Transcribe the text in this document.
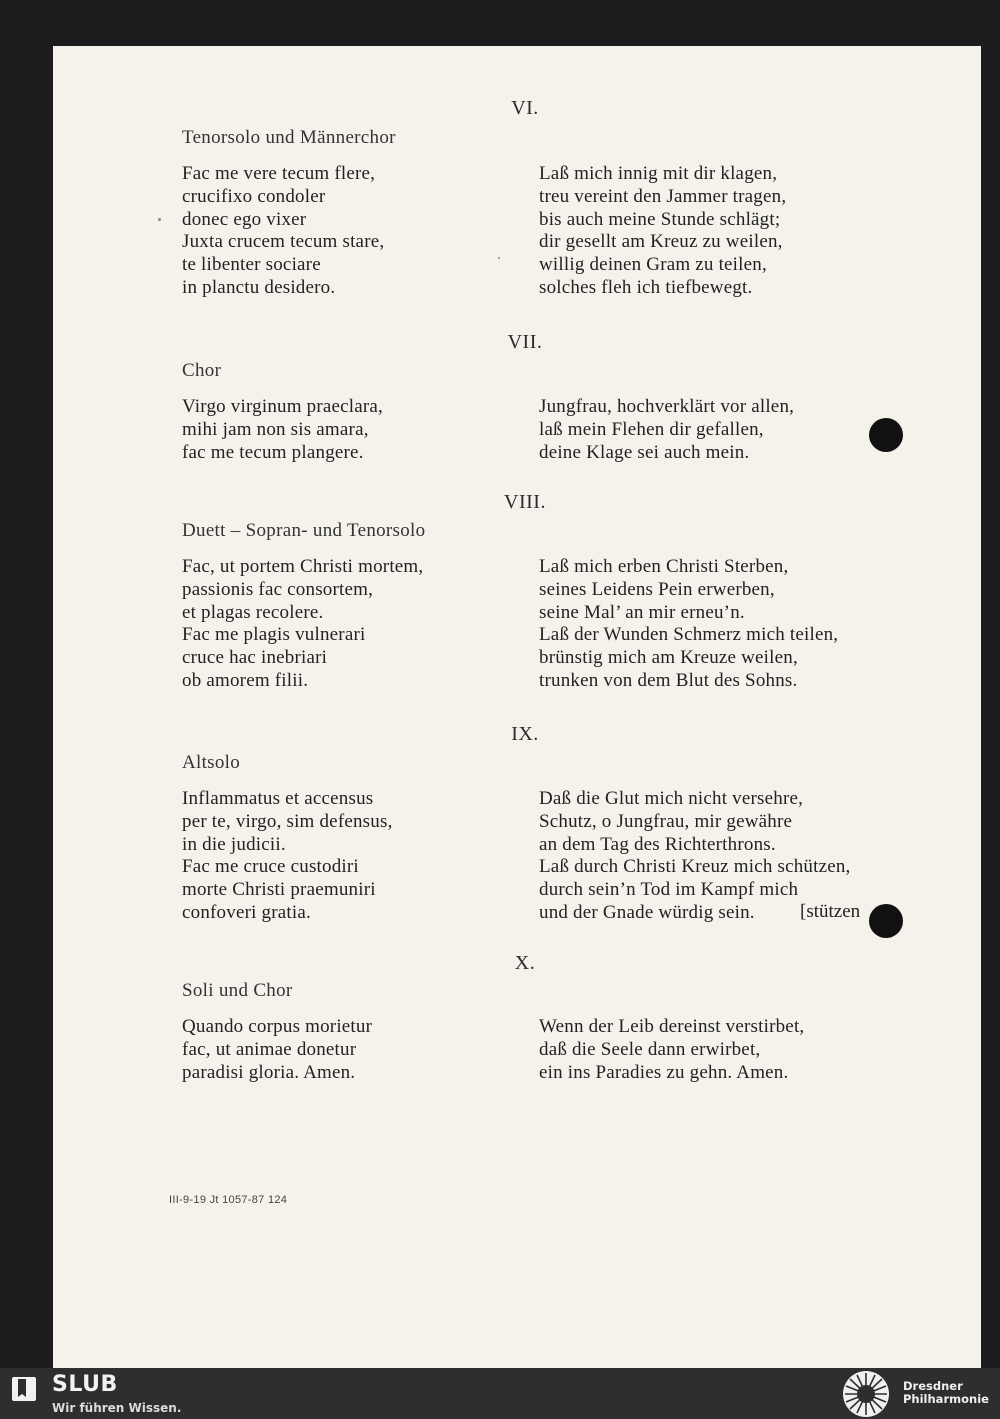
VI.
Tenorsolo und Männerchor
Fac me vere tecum flere,
crucifixo condoler
donec ego vixer
Juxta crucem tecum stare,
te libenter sociare
in planctu desidero.
Laß mich innig mit dir klagen,
treu vereint den Jammer tragen,
bis auch meine Stunde schlägt;
dir gesellt am Kreuz zu weilen,
willig deinen Gram zu teilen,
solches fleh ich tiefbewegt.
VII.
Chor
Virgo virginum praeclara,
mihi jam non sis amara,
fac me tecum plangere.
Jungfrau, hochverklärt vor allen,
laß mein Flehen dir gefallen,
deine Klage sei auch mein.
VIII.
Duett – Sopran- und Tenorsolo
Fac, ut portem Christi mortem,
passionis fac consortem,
et plagas recolere.
Fac me plagis vulnerari
cruce hac inebriari
ob amorem filii.
Laß mich erben Christi Sterben,
seines Leidens Pein erwerben,
seine Mal’ an mir erneu’n.
Laß der Wunden Schmerz mich teilen,
brünstig mich am Kreuze weilen,
trunken von dem Blut des Sohns.
IX.
Altsolo
Inflammatus et accensus
per te, virgo, sim defensus,
in die judicii.
Fac me cruce custodiri
morte Christi praemuniri
confoveri gratia.
Daß die Glut mich nicht versehre,
Schutz, o Jungfrau, mir gewähre
an dem Tag des Richterthrons.
Laß durch Christi Kreuz mich schützen,
durch sein’n Tod im Kampf mich
und der Gnade würdig sein.	[stützen
X.
Soli und Chor
Quando corpus morietur
fac, ut animae donetur
paradisi gloria. Amen.
Wenn der Leib dereinst verstirbet,
daß die Seele dann erwirbet,
ein ins Paradies zu gehn. Amen.
III-9-19 Jt 1057-87 124
SLUB
Wir führen Wissen.
Dresdner
Philharmonie
